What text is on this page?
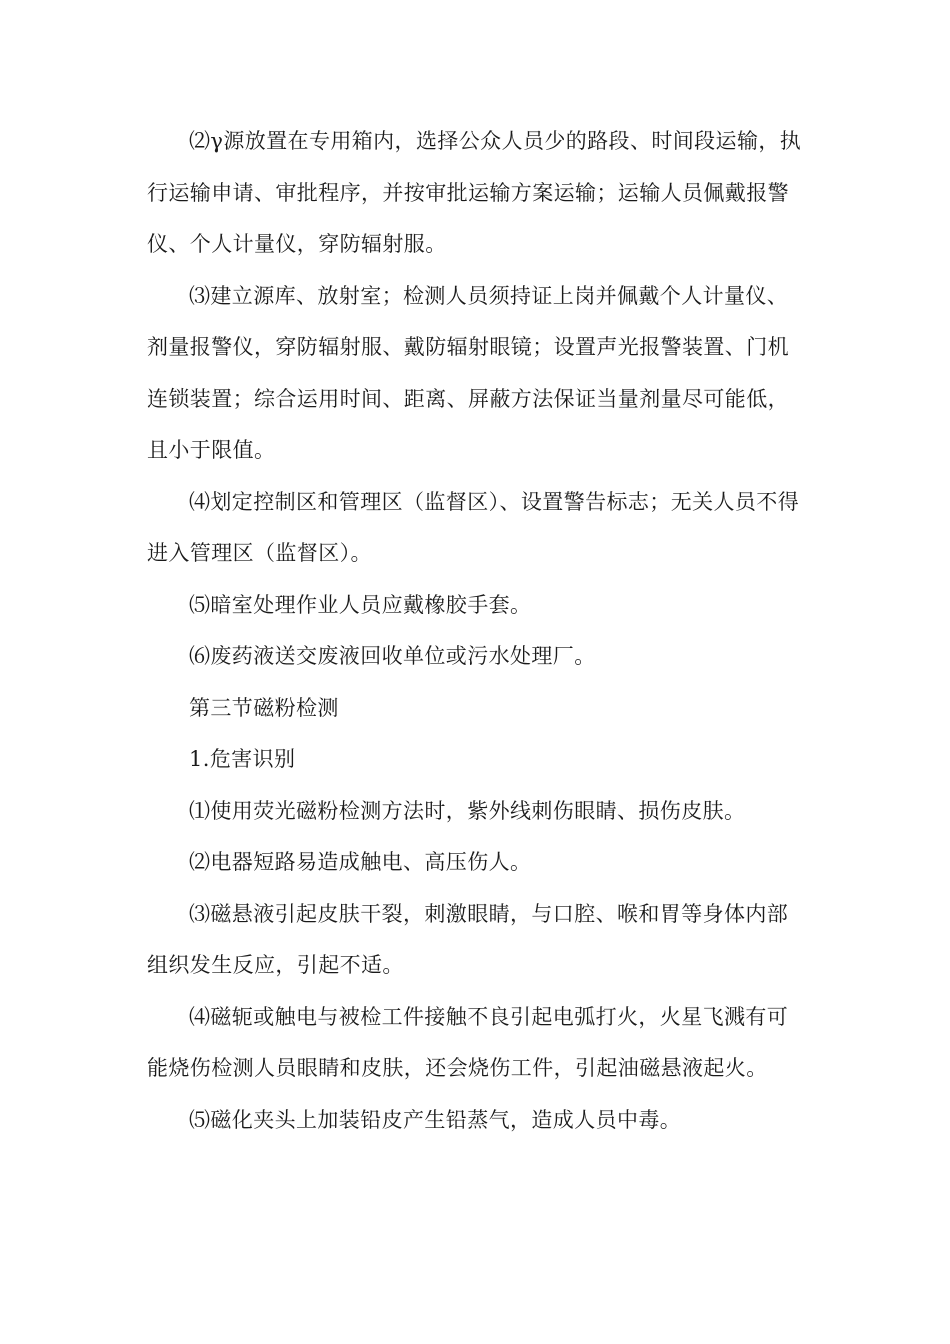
⑵γ源放置在专用箱内，选择公众人员少的路段、时间段运输，执行运输申请、审批程序，并按审批运输方案运输；运输人员佩戴报警仪、个人计量仪，穿防辐射服。

⑶建立源库、放射室；检测人员须持证上岗并佩戴个人计量仪、剂量报警仪，穿防辐射服、戴防辐射眼镜；设置声光报警装置、门机连锁装置；综合运用时间、距离、屏蔽方法保证当量剂量尽可能低，且小于限值。

⑷划定控制区和管理区（监督区）、设置警告标志；无关人员不得进入管理区（监督区）。

⑸暗室处理作业人员应戴橡胶手套。

⑹废药液送交废液回收单位或污水处理厂。

第三节磁粉检测

1.危害识别

⑴使用荧光磁粉检测方法时，紫外线刺伤眼睛、损伤皮肤。

⑵电器短路易造成触电、高压伤人。

⑶磁悬液引起皮肤干裂，刺激眼睛，与口腔、喉和胃等身体内部组织发生反应，引起不适。

⑷磁轭或触电与被检工件接触不良引起电弧打火，火星飞溅有可能烧伤检测人员眼睛和皮肤，还会烧伤工件，引起油磁悬液起火。

⑸磁化夹头上加装铅皮产生铅蒸气，造成人员中毒。
